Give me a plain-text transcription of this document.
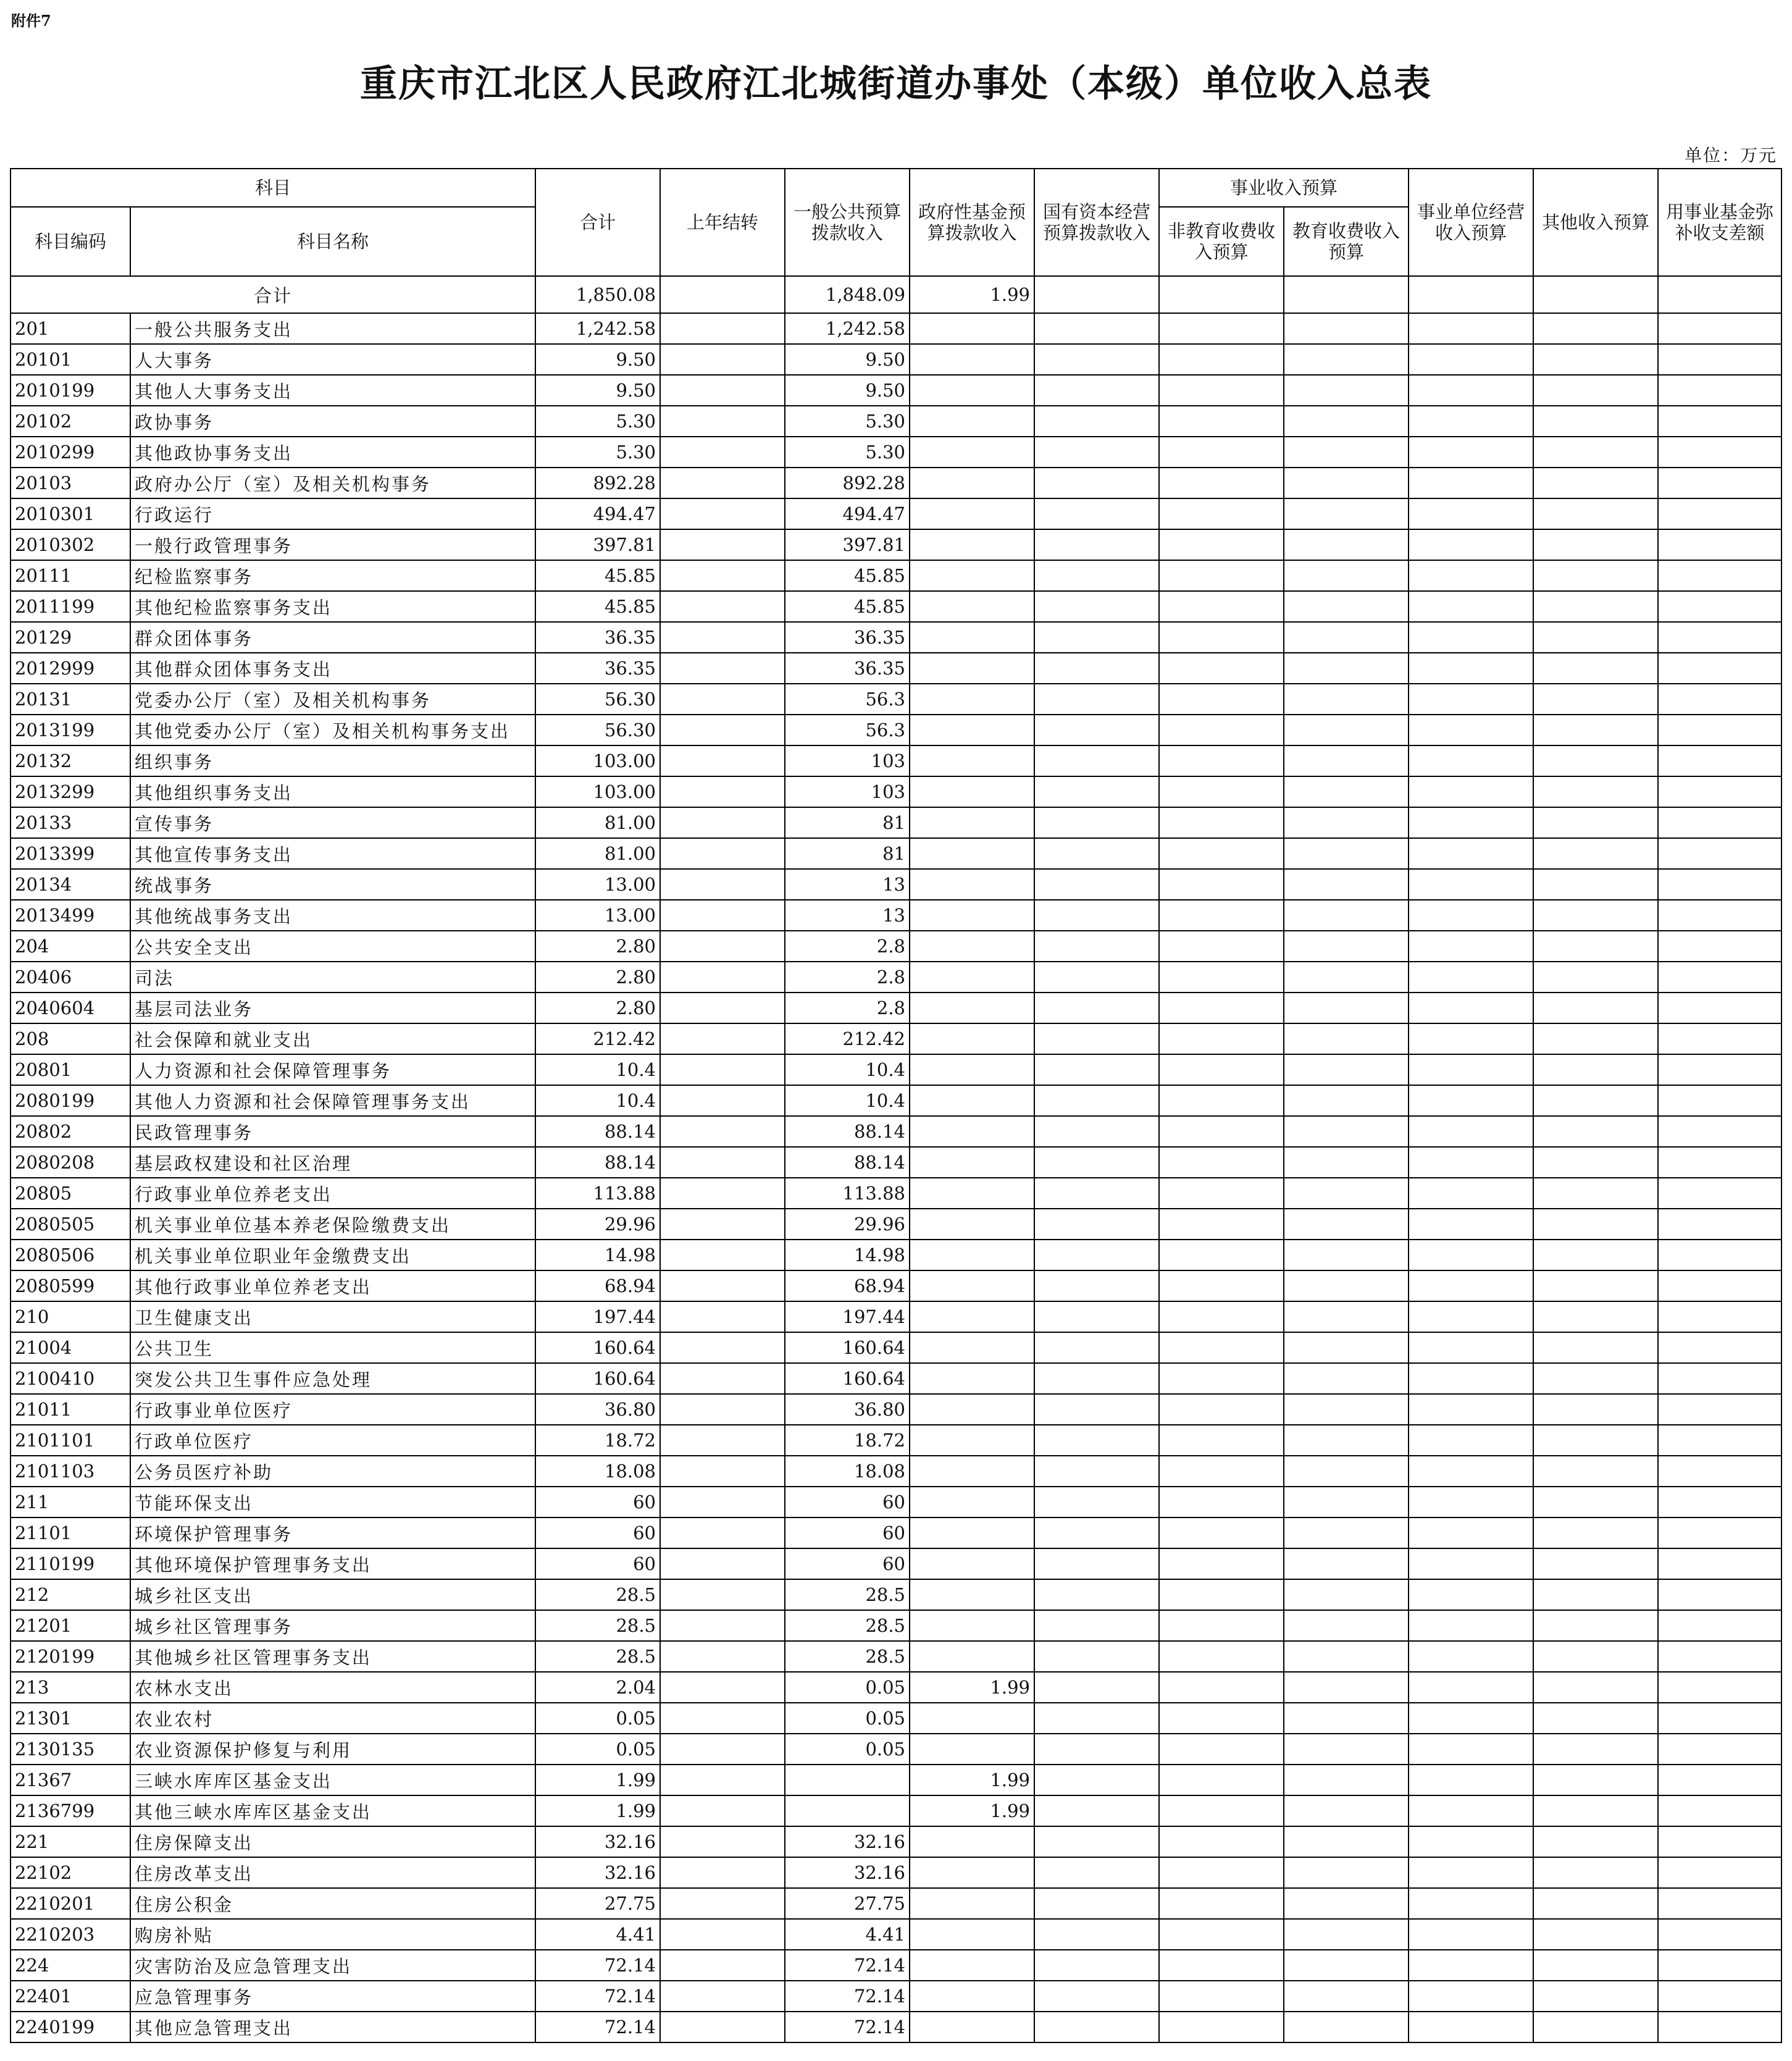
附件7
重庆市江北区人民政府江北城街道办事处（本级）单位收入总表
单位：万元
科目		合计	上年结转	一般公共预算拨款收入	政府性基金预算拨款收入	国有资本经营预算拨款收入	事业收入预算		事业单位经营收入预算	其他收入预算	用事业基金弥补收支差额
科目编码	科目名称						非教育收费收入预算	教育收费收入预算			
合计		1,850.08		1,848.09	1.99						
201	一般公共服务支出	1,242.58		1,242.58							
20101	人大事务	9.50		9.50							
2010199	其他人大事务支出	9.50		9.50							
20102	政协事务	5.30		5.30							
2010299	其他政协事务支出	5.30		5.30							
20103	政府办公厅（室）及相关机构事务	892.28		892.28							
2010301	行政运行	494.47		494.47							
2010302	一般行政管理事务	397.81		397.81							
20111	纪检监察事务	45.85		45.85							
2011199	其他纪检监察事务支出	45.85		45.85							
20129	群众团体事务	36.35		36.35							
2012999	其他群众团体事务支出	36.35		36.35							
20131	党委办公厅（室）及相关机构事务	56.30		56.3							
2013199	其他党委办公厅（室）及相关机构事务支出	56.30		56.3							
20132	组织事务	103.00		103							
2013299	其他组织事务支出	103.00		103							
20133	宣传事务	81.00		81							
2013399	其他宣传事务支出	81.00		81							
20134	统战事务	13.00		13							
2013499	其他统战事务支出	13.00		13							
204	公共安全支出	2.80		2.8							
20406	司法	2.80		2.8							
2040604	基层司法业务	2.80		2.8							
208	社会保障和就业支出	212.42		212.42							
20801	人力资源和社会保障管理事务	10.4		10.4							
2080199	其他人力资源和社会保障管理事务支出	10.4		10.4							
20802	民政管理事务	88.14		88.14							
2080208	基层政权建设和社区治理	88.14		88.14							
20805	行政事业单位养老支出	113.88		113.88							
2080505	机关事业单位基本养老保险缴费支出	29.96		29.96							
2080506	机关事业单位职业年金缴费支出	14.98		14.98							
2080599	其他行政事业单位养老支出	68.94		68.94							
210	卫生健康支出	197.44		197.44							
21004	公共卫生	160.64		160.64							
2100410	突发公共卫生事件应急处理	160.64		160.64							
21011	行政事业单位医疗	36.80		36.80							
2101101	行政单位医疗	18.72		18.72							
2101103	公务员医疗补助	18.08		18.08							
211	节能环保支出	60		60							
21101	环境保护管理事务	60		60							
2110199	其他环境保护管理事务支出	60		60							
212	城乡社区支出	28.5		28.5							
21201	城乡社区管理事务	28.5		28.5							
2120199	其他城乡社区管理事务支出	28.5		28.5							
213	农林水支出	2.04		0.05	1.99						
21301	农业农村	0.05		0.05							
2130135	农业资源保护修复与利用	0.05		0.05							
21367	三峡水库库区基金支出	1.99			1.99						
2136799	其他三峡水库库区基金支出	1.99			1.99						
221	住房保障支出	32.16		32.16							
22102	住房改革支出	32.16		32.16							
2210201	住房公积金	27.75		27.75							
2210203	购房补贴	4.41		4.41							
224	灾害防治及应急管理支出	72.14		72.14							
22401	应急管理事务	72.14		72.14							
2240199	其他应急管理支出	72.14		72.14							
